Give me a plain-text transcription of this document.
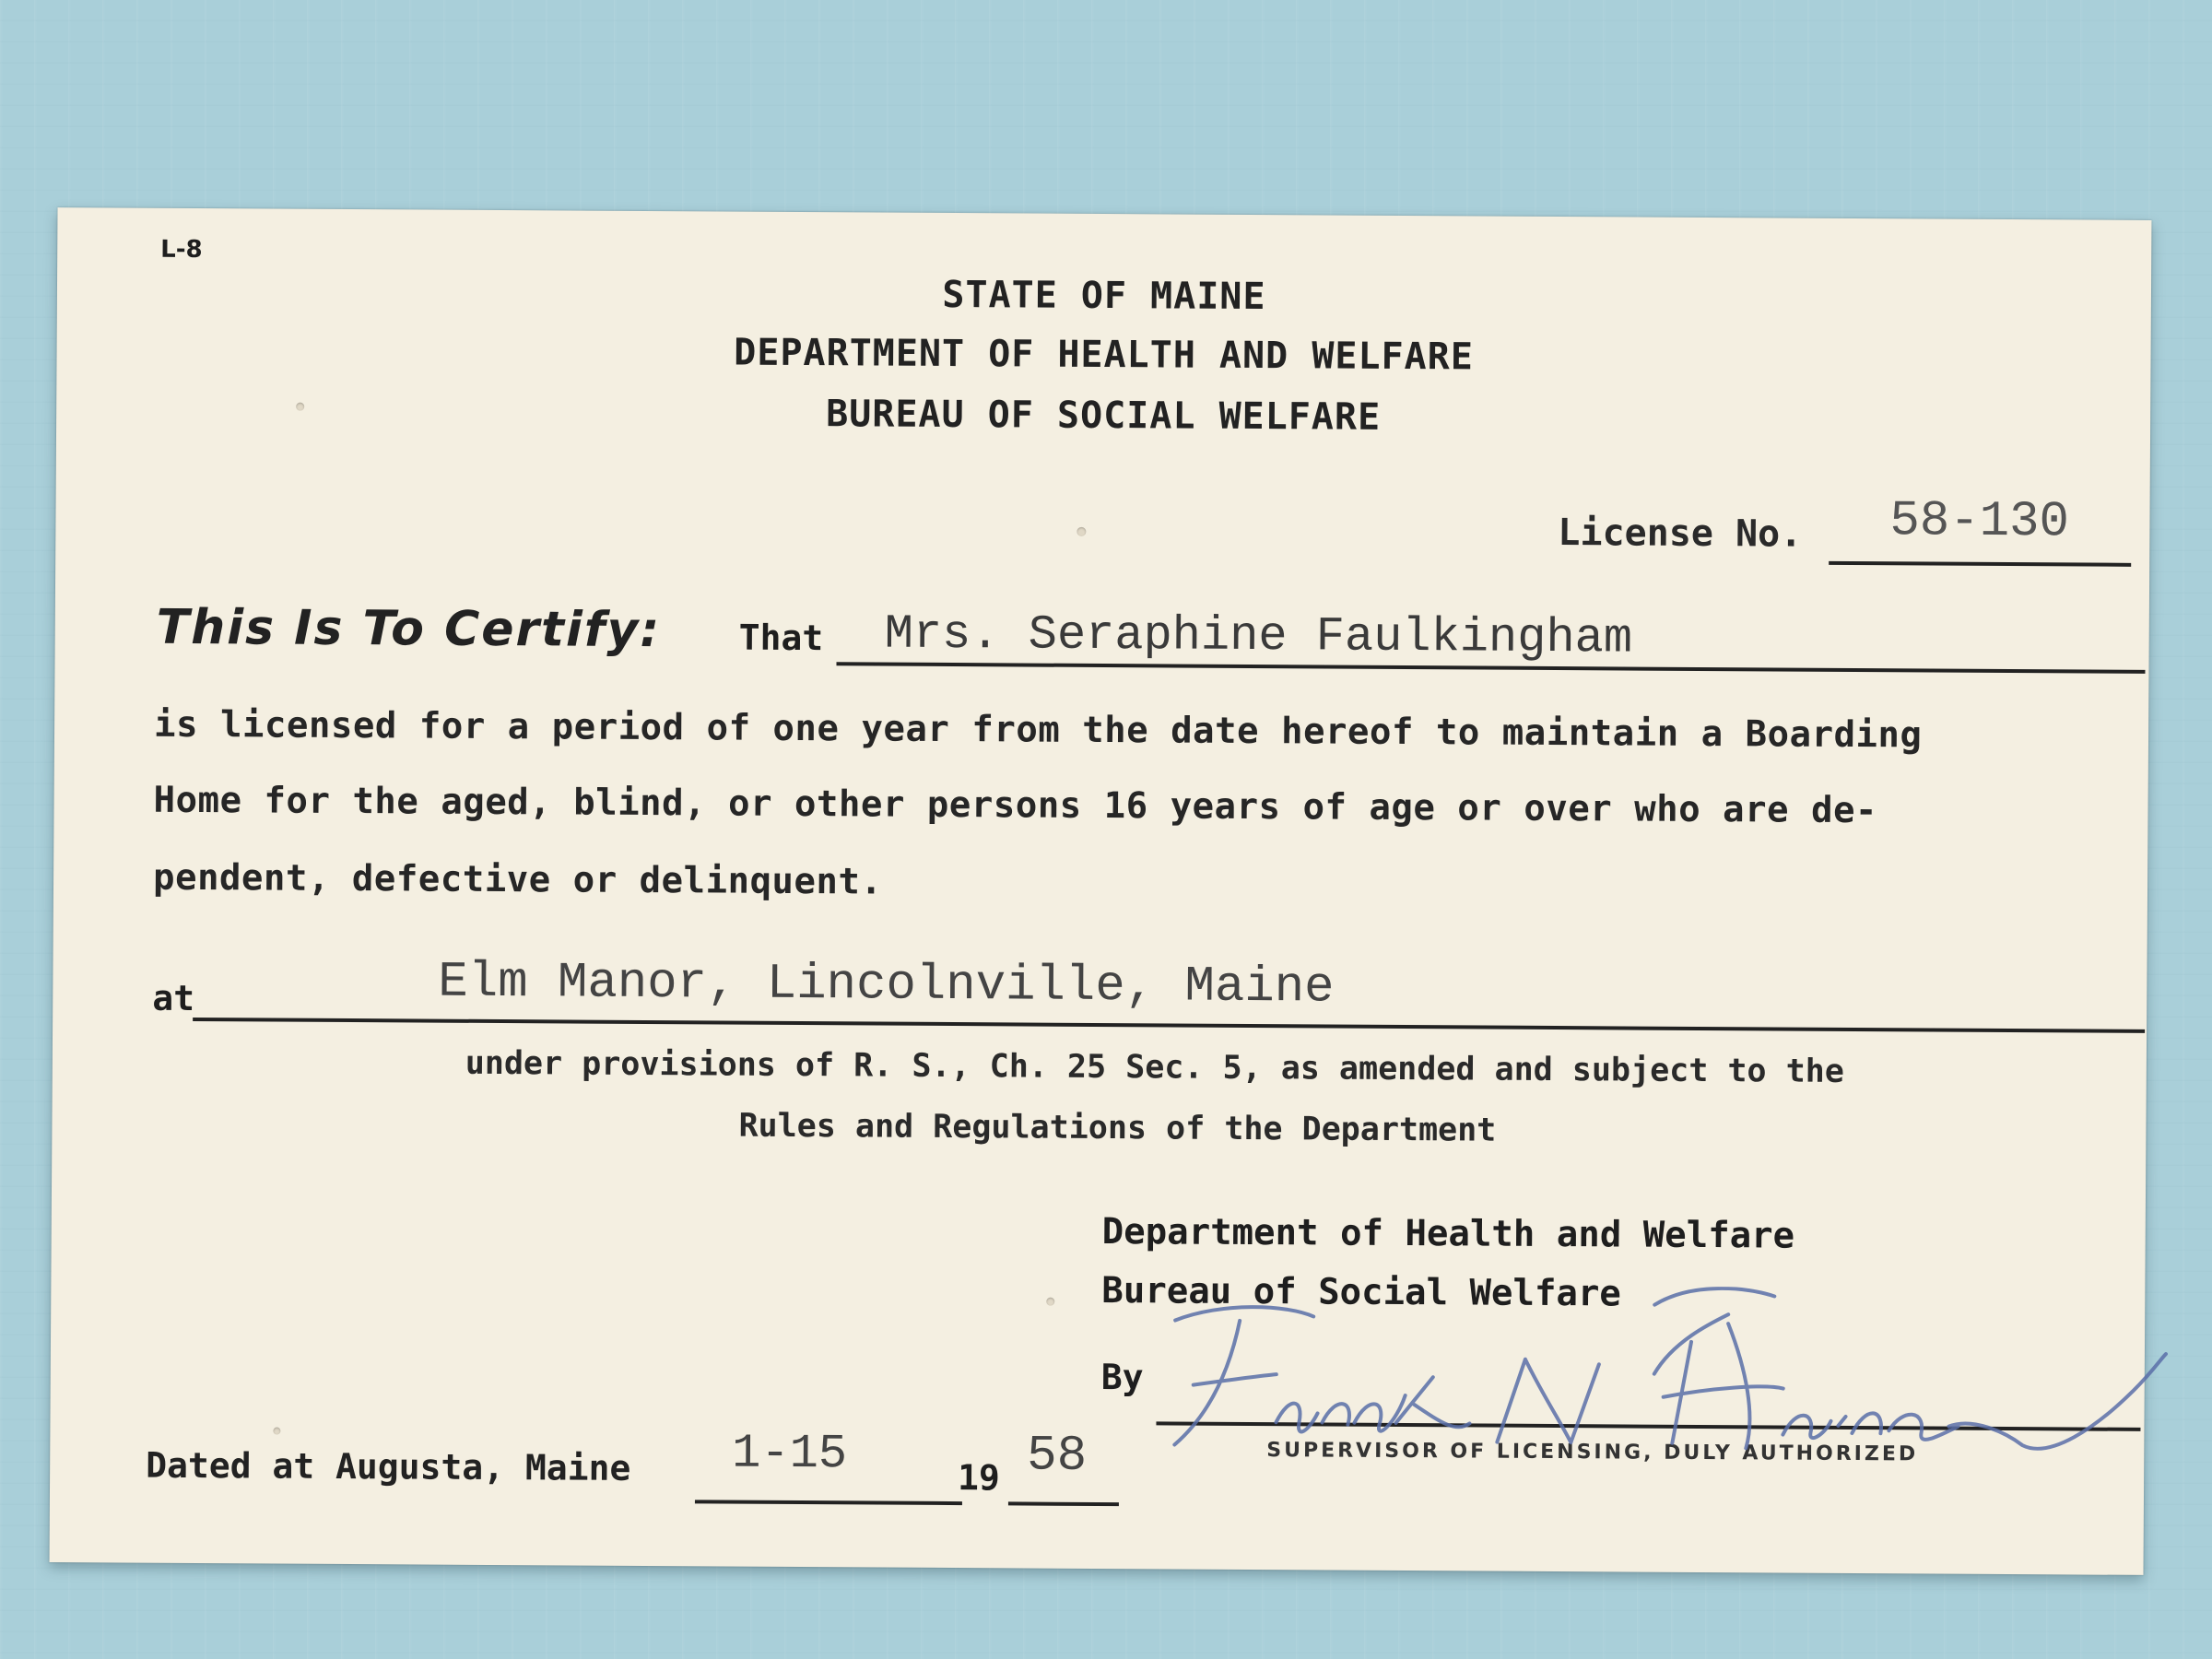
L-8
STATE OF MAINE
DEPARTMENT OF HEALTH AND WELFARE
BUREAU OF SOCIAL WELFARE
License No. 58-130
This Is To Certify: That Mrs. Seraphine Faulkingham
is licensed for a period of one year from the date hereof to maintain a Boarding
Home for the aged, blind, or other persons 16 years of age or over who are de-
pendent, defective or delinquent.
at	Elm Manor, Lincolnville, Maine
under provisions of R. S., Ch. 25 Sec. 5, as amended and subject to the
Rules and Regulations of the Department
Department of Health and Welfare
Bureau of Social Welfare
By
SUPERVISOR OF LICENSING, DULY AUTHORIZED
Dated at Augusta, Maine 1-15	19 58
